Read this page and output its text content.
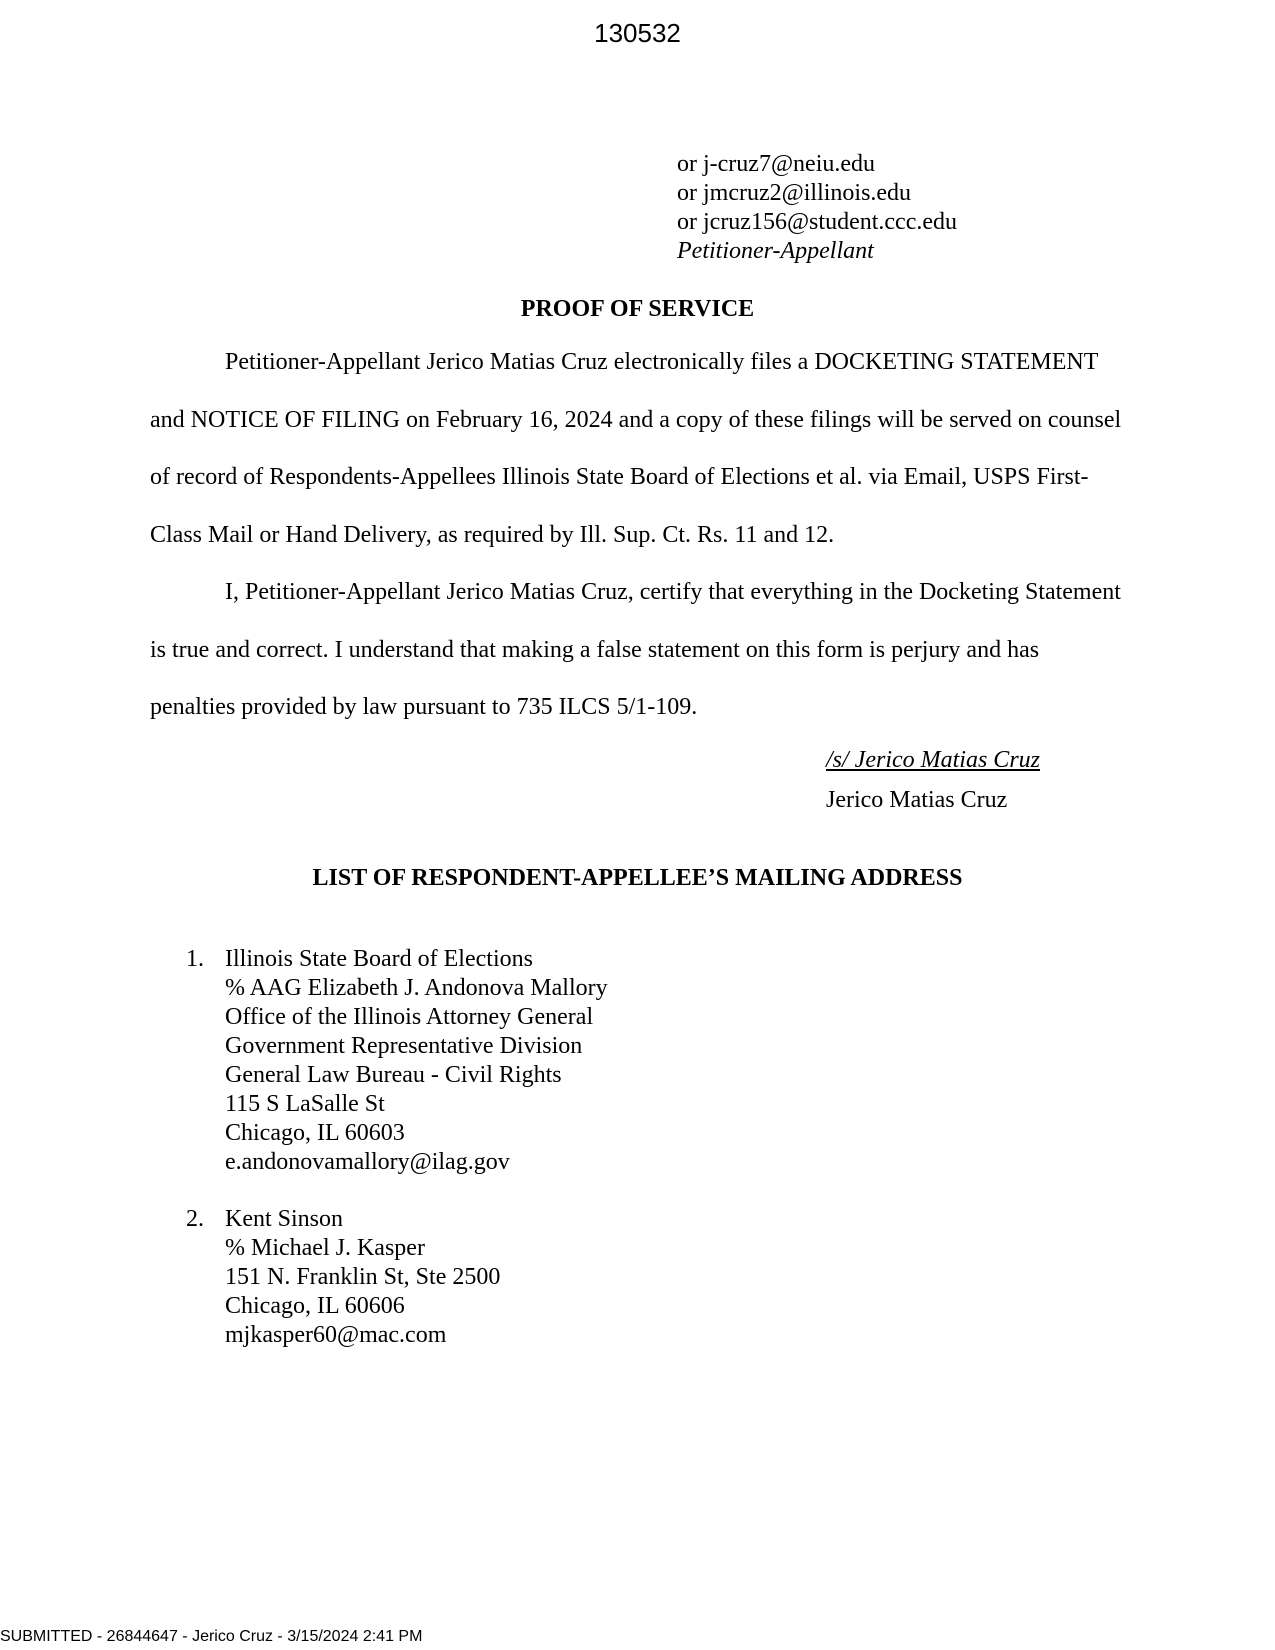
130532
or j-cruz7@neiu.edu
or jmcruz2@illinois.edu
or jcruz156@student.ccc.edu
Petitioner-Appellant
PROOF OF SERVICE

Petitioner-Appellant Jerico Matias Cruz electronically files a DOCKETING STATEMENT and NOTICE OF FILING on February 16, 2024 and a copy of these filings will be served on counsel of record of Respondents-Appellees Illinois State Board of Elections et al. via Email, USPS First-Class Mail or Hand Delivery, as required by Ill. Sup. Ct. Rs. 11 and 12.

I, Petitioner-Appellant Jerico Matias Cruz, certify that everything in the Docketing Statement is true and correct. I understand that making a false statement on this form is perjury and has penalties provided by law pursuant to 735 ILCS 5/1-109.

/s/ Jerico Matias Cruz
Jerico Matias Cruz
LIST OF RESPONDENT-APPELLEE’S MAILING ADDRESS
1. Illinois State Board of Elections
% AAG Elizabeth J. Andonova Mallory
Office of the Illinois Attorney General
Government Representative Division
General Law Bureau - Civil Rights
115 S LaSalle St
Chicago, IL 60603
e.andonovamallory@ilag.gov
2. Kent Sinson
% Michael J. Kasper
151 N. Franklin St, Ste 2500
Chicago, IL 60606
mjkasper60@mac.com
SUBMITTED - 26844647 - Jerico Cruz - 3/15/2024 2:41 PM
